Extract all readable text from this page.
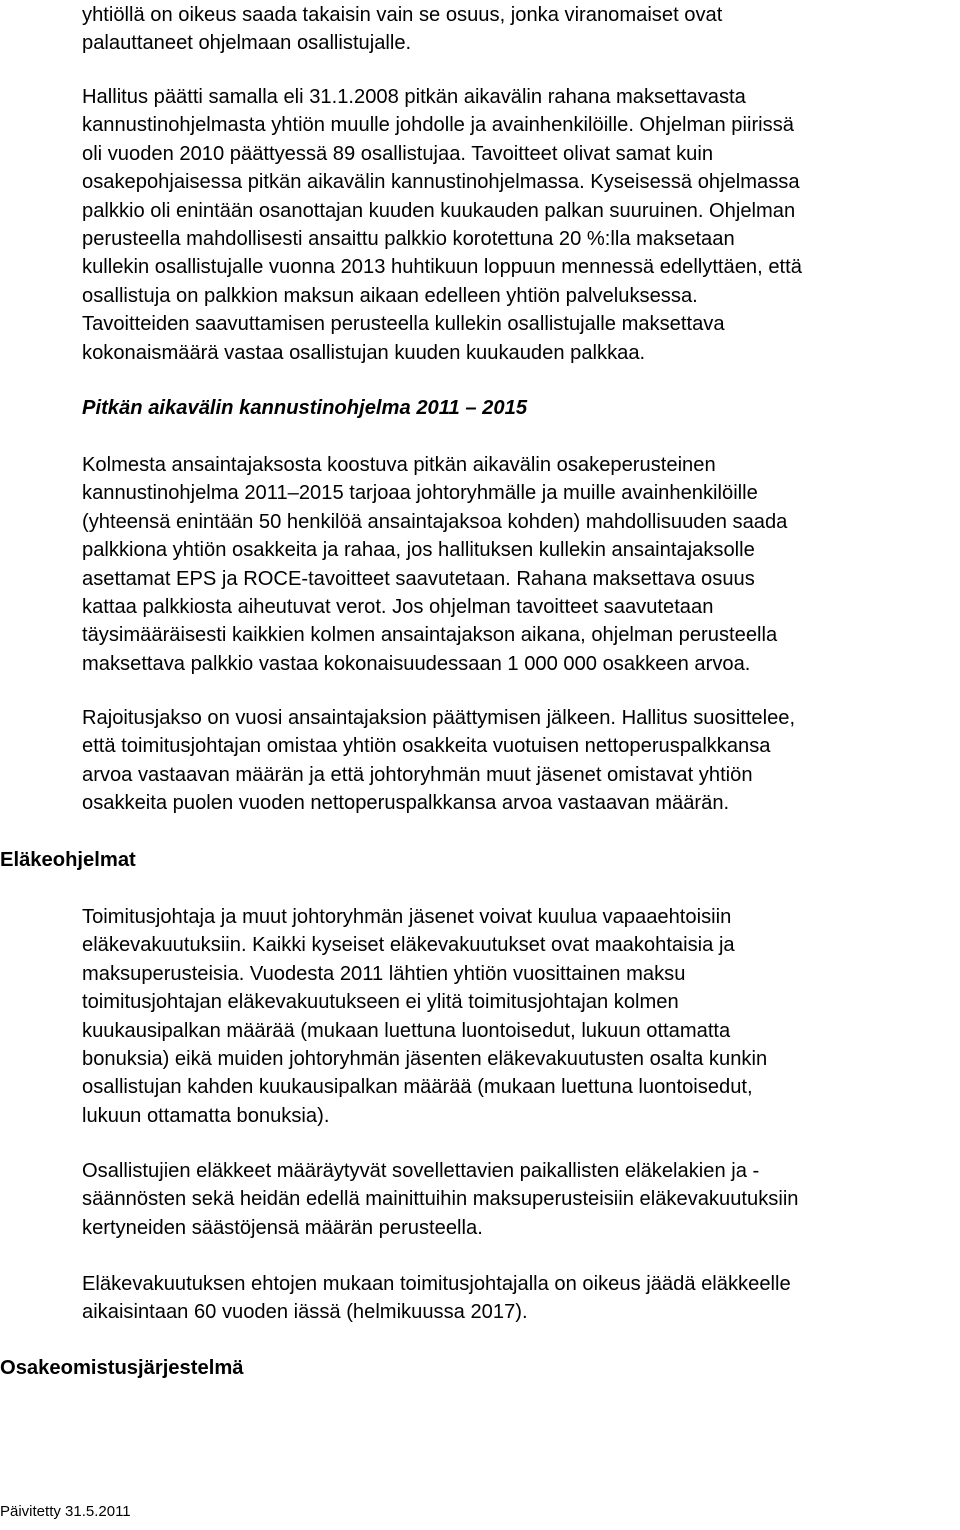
yhtiöllä on oikeus saada takaisin vain se osuus, jonka viranomaiset ovat
palauttaneet ohjelmaan osallistujalle.

Hallitus päätti samalla eli 31.1.2008 pitkän aikavälin rahana maksettavasta
kannustinohjelmasta yhtiön muulle johdolle ja avainhenkilöille. Ohjelman piirissä
oli vuoden 2010 päättyessä 89 osallistujaa. Tavoitteet olivat samat kuin
osakepohjaisessa pitkän aikavälin kannustinohjelmassa. Kyseisessä ohjelmassa
palkkio oli enintään osanottajan kuuden kuukauden palkan suuruinen. Ohjelman
perusteella mahdollisesti ansaittu palkkio korotettuna 20 %:lla maksetaan
kullekin osallistujalle vuonna 2013 huhtikuun loppuun mennessä edellyttäen, että
osallistuja on palkkion maksun aikaan edelleen yhtiön palveluksessa.
Tavoitteiden saavuttamisen perusteella kullekin osallistujalle maksettava
kokonaismäärä vastaa osallistujan kuuden kuukauden palkkaa.

Pitkän aikavälin kannustinohjelma 2011 – 2015

Kolmesta ansaintajaksosta koostuva pitkän aikavälin osakeperusteinen
kannustinohjelma 2011–2015 tarjoaa johtoryhmälle ja muille avainhenkilöille
(yhteensä enintään 50 henkilöä ansaintajaksoa kohden) mahdollisuuden saada
palkkiona yhtiön osakkeita ja rahaa, jos hallituksen kullekin ansaintajaksolle
asettamat EPS ja ROCE-tavoitteet saavutetaan. Rahana maksettava osuus
kattaa palkkiosta aiheutuvat verot. Jos ohjelman tavoitteet saavutetaan
täysimääräisesti kaikkien kolmen ansaintajakson aikana, ohjelman perusteella
maksettava palkkio vastaa kokonaisuudessaan 1 000 000 osakkeen arvoa.

Rajoitusjakso on vuosi ansaintajaksion päättymisen jälkeen. Hallitus suosittelee,
että toimitusjohtajan omistaa yhtiön osakkeita vuotuisen nettoperuspalkkansa
arvoa vastaavan määrän ja että johtoryhmän muut jäsenet omistavat yhtiön
osakkeita puolen vuoden nettoperuspalkkansa arvoa vastaavan määrän.

Eläkeohjelmat

Toimitusjohtaja ja muut johtoryhmän jäsenet voivat kuulua vapaaehtoisiin
eläkevakuutuksiin. Kaikki kyseiset eläkevakuutukset ovat maakohtaisia ja
maksuperusteisia. Vuodesta 2011 lähtien yhtiön vuosittainen maksu
toimitusjohtajan eläkevakuutukseen ei ylitä toimitusjohtajan kolmen
kuukausipalkan määrää (mukaan luettuna luontoisedut, lukuun ottamatta
bonuksia) eikä muiden johtoryhmän jäsenten eläkevakuutusten osalta kunkin
osallistujan kahden kuukausipalkan määrää (mukaan luettuna luontoisedut,
lukuun ottamatta bonuksia).

Osallistujien eläkkeet määräytyvät sovellettavien paikallisten eläkelakien ja -
säännösten sekä heidän edellä mainittuihin maksuperusteisiin eläkevakuutuksiin
kertyneiden säästöjensä määrän perusteella.

Eläkevakuutuksen ehtojen mukaan toimitusjohtajalla on oikeus jäädä eläkkeelle
aikaisintaan 60 vuoden iässä (helmikuussa 2017).

Osakeomistusjärjestelmä
Päivitetty 31.5.2011
